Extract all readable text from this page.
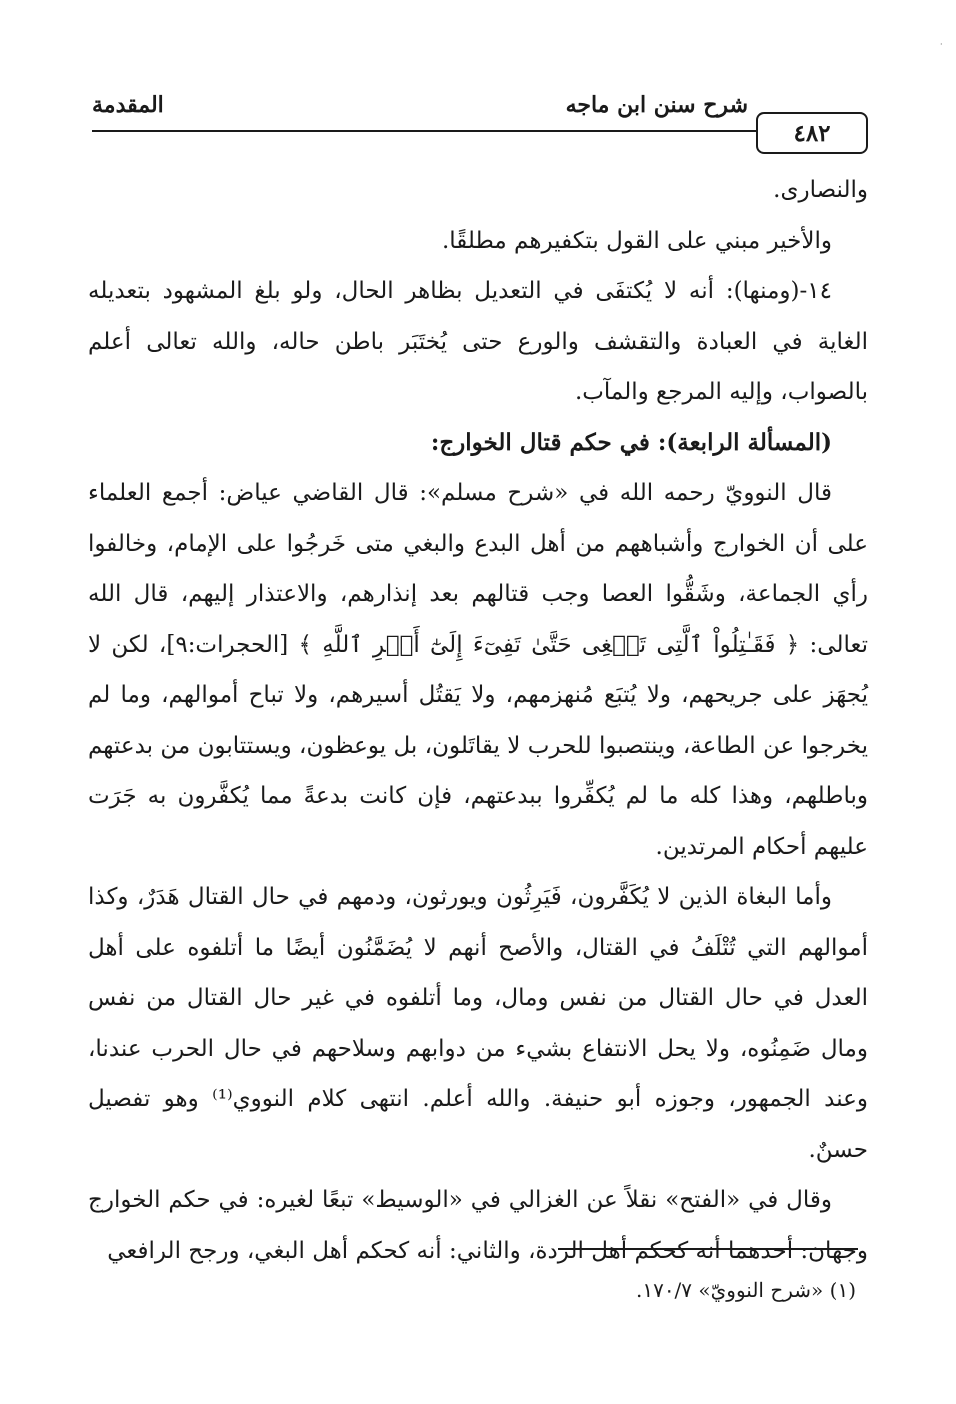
·
المقدمة	شرح سنن ابن ماجه
٤٨٢

والنصارى.

والأخير مبني على القول بتكفيرهم مطلقًا.

١٤-(ومنها): أنه لا يُكتفَى في التعديل بظاهر الحال، ولو بلغ المشهود بتعديله الغاية في العبادة والتقشف والورع حتى يُختَبَر باطن حاله، والله تعالى أعلم بالصواب، وإليه المرجع والمآب.

(المسألة الرابعة): في حكم قتال الخوارج:

قال النوويّ رحمه الله في «شرح مسلم»: قال القاضي عياض: أجمع العلماء على أن الخوارج وأشباههم من أهل البدع والبغي متى خَرجُوا على الإمام، وخالفوا رأي الجماعة، وشَقُّوا العصا وجب قتالهم بعد إنذارهم، والاعتذار إليهم، قال الله تعالى: ﴿ فَقَـٰتِلُواْ ٱلَّتِى تَبۡغِى حَتَّىٰ تَفِىٓءَ إِلَىٰٓ أَمۡرِ ٱللَّهِ ﴾ [الحجرات:٩]، لكن لا يُجهَز على جريحهم، ولا يُتبَع مُنهزمهم، ولا يَقتُل أسيرهم، ولا تباح أموالهم، وما لم يخرجوا عن الطاعة، وينتصبوا للحرب لا يقاتَلون، بل يوعظون، ويستتابون من بدعتهم وباطلهم، وهذا كله ما لم يُكفِّروا ببدعتهم، فإن كانت بدعةً مما يُكفَّرون به جَرَت عليهم أحكام المرتدين.

وأما البغاة الذين لا يُكَفَّرون، فَيَرِثُون ويورثون، ودمهم في حال القتال هَدَرٌ، وكذا أموالهم التي تُتْلَفُ في القتال، والأصح أنهم لا يُضَمَّنُون أيضًا ما أتلفوه على أهل العدل في حال القتال من نفس ومال، وما أتلفوه في غير حال القتال من نفس ومال ضَمِنُوه، ولا يحل الانتفاع بشيء من دوابهم وسلاحهم في حال الحرب عندنا، وعند الجمهور، وجوزه أبو حنيفة. والله أعلم. انتهى كلام النووي⁽¹⁾ وهو تفصيل حسنٌ.

وقال في «الفتح» نقلاً عن الغزالي في «الوسيط» تبعًا لغيره: في حكم الخوارج وجهان: أحدهما أنه كحكم أهل الردة، والثاني: أنه كحكم أهل البغي، ورجح الرافعي

(١) «شرح النوويّ» ١٧٠/٧.
